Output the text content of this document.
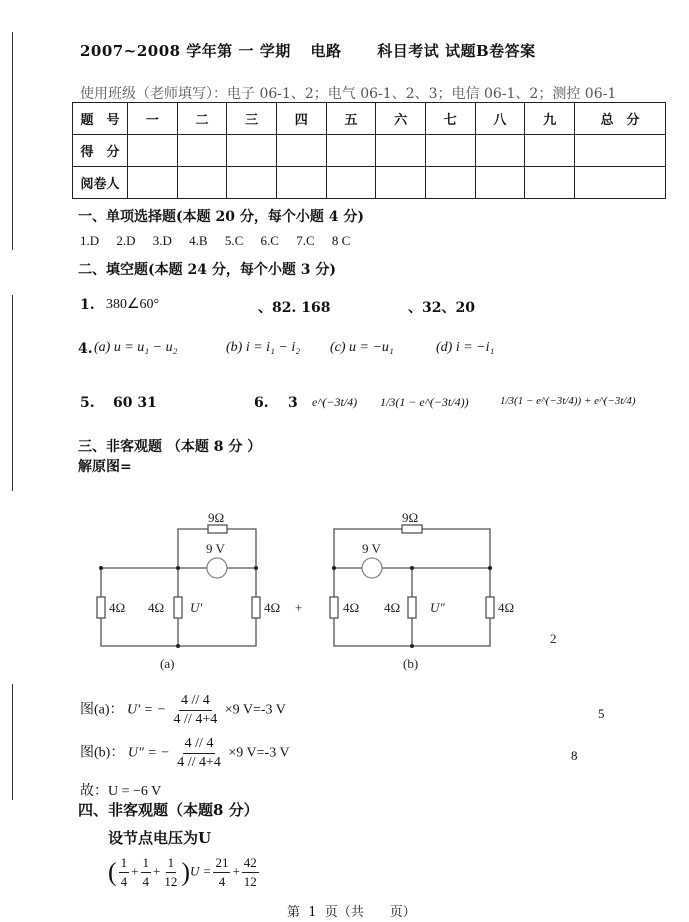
2007~2008 学年第 一 学期 电路 科目考试 试题B卷答案
使用班级（老师填写）：电子 06-1、2；电气 06-1、2、3；电信 06-1、2；测控 06-1
题　号	一	二	三	四	五	六	七	八	九	总　分
得　分										
阅卷人										
一、单项选择题(本题 20 分，每个小题 4 分)
1.D 2.D 3.D 4.B 5.C 6.C 7.C 8 C
二、填空题(本题 24 分，每个小题 3 分)
1. 380∠60°	、82. 168	、32、20
4. (a) u = u₁ − u₂	(b) i = i₁ − i₂ (c) u = −u₁	(d) i = −i₁
5. 60 31	6. 3 e^(−3t/4) 1/3(1 − e^(−3t/4))	1/3(1 − e^(−3t/4)) + e^(−3t/4)
三、非客观题 （本题 8 分 ）
解原图=
9Ω
9 V
4Ω 4Ω U'	4Ω +
9Ω
9 V
4Ω 4Ω U"	4Ω
(a)	(b)
2
图(a)： U' = − $\frac{4 // 4}{4 // 4+4} \times 9$ V=-3 V	5
图(b)： U" = − $\frac{4 // 4}{4 // 4+4} \times 9$ V=-3 V	8
故：U = −6 V
四、非客观题（本题8 分）
设节点电压为U
( $\frac{1}{4} + \frac{1}{4} + \frac{1}{12} )U = \frac{21}{4} + \frac{42}{12}$
第  1  页（共　　页）
